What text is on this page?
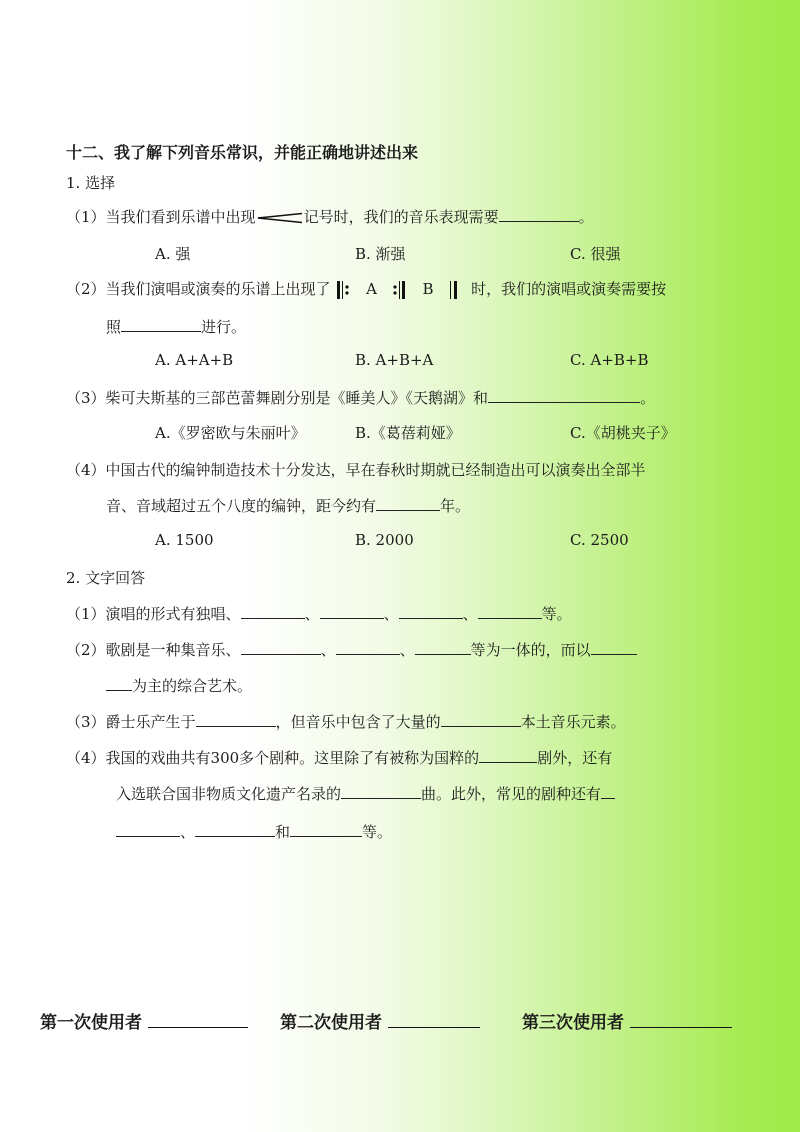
十二、我了解下列音乐常识，并能正确地讲述出来
1. 选择
（1）当我们看到乐谱中出现	记号时，我们的音乐表现需要	。
A. 强	B. 渐强	C. 很强
（2）当我们演唱或演奏的乐谱上出现了 A	B	时，我们的演唱或演奏需要按
照	进行。
A. A+A+B	B. A+B+A	C. A+B+B
（3）柴可夫斯基的三部芭蕾舞剧分别是《睡美人》《天鹅湖》和	。
A.《罗密欧与朱丽叶》	B.《葛蓓莉娅》	C.《胡桃夹子》
（4）中国古代的编钟制造技术十分发达，早在春秋时期就已经制造出可以演奏出全部半
音、音域超过五个八度的编钟，距今约有	年。
A. 1500	B. 2000	C. 2500
2. 文字回答
（1）演唱的形式有独唱、	、	、	、	等。
（2）歌剧是一种集音乐、	、	、	等为一体的，而以
为主的综合艺术。
（3）爵士乐产生于	，但音乐中包含了大量的	本土音乐元素。
（4）我国的戏曲共有300多个剧种。这里除了有被称为国粹的	剧外，还有
入选联合国非物质文化遗产名录的	曲。此外，常见的剧种还有
、	和	等。
第一次使用者	第二次使用者	第三次使用者
